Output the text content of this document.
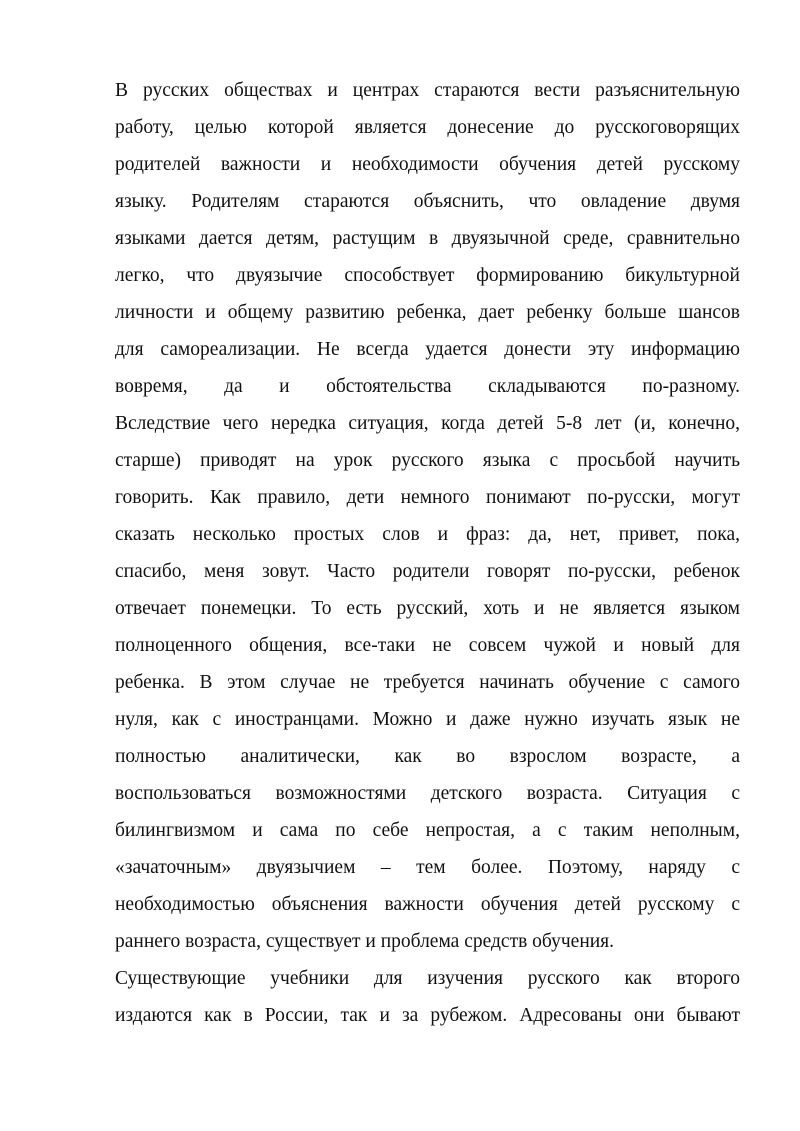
В русских обществах и центрах стараются вести разъяснительную
работу, целью которой является донесение до русскоговорящих
родителей важности и необходимости обучения детей русскому
языку. Родителям стараются объяснить, что овладение двумя
языками дается детям, растущим в двуязычной среде, сравнительно
легко, что двуязычие способствует формированию бикультурной
личности и общему развитию ребенка, дает ребенку больше шансов
для самореализации. Не всегда удается донести эту информацию
вовремя, да и обстоятельства складываются по-разному.
Вследствие чего нередка ситуация, когда детей 5-8 лет (и, конечно,
старше) приводят на урок русского языка с просьбой научить
говорить. Как правило, дети немного понимают по-русски, могут
сказать несколько простых слов и фраз: да, нет, привет, пока,
спасибо, меня зовут. Часто родители говорят по-русски, ребенок
отвечает понемецки. То есть русский, хоть и не является языком
полноценного общения, все-таки не совсем чужой и новый для
ребенка. В этом случае не требуется начинать обучение с самого
нуля, как с иностранцами. Можно и даже нужно изучать язык не
полностью аналитически, как во взрослом возрасте, а
воспользоваться возможностями детского возраста. Ситуация с
билингвизмом и сама по себе непростая, а с таким неполным,
«зачаточным» двуязычием – тем более. Поэтому, наряду с
необходимостью объяснения важности обучения детей русскому с
раннего возраста, существует и проблема средств обучения.
Существующие учебники для изучения русского как второго
издаются как в России, так и за рубежом. Адресованы они бывают
